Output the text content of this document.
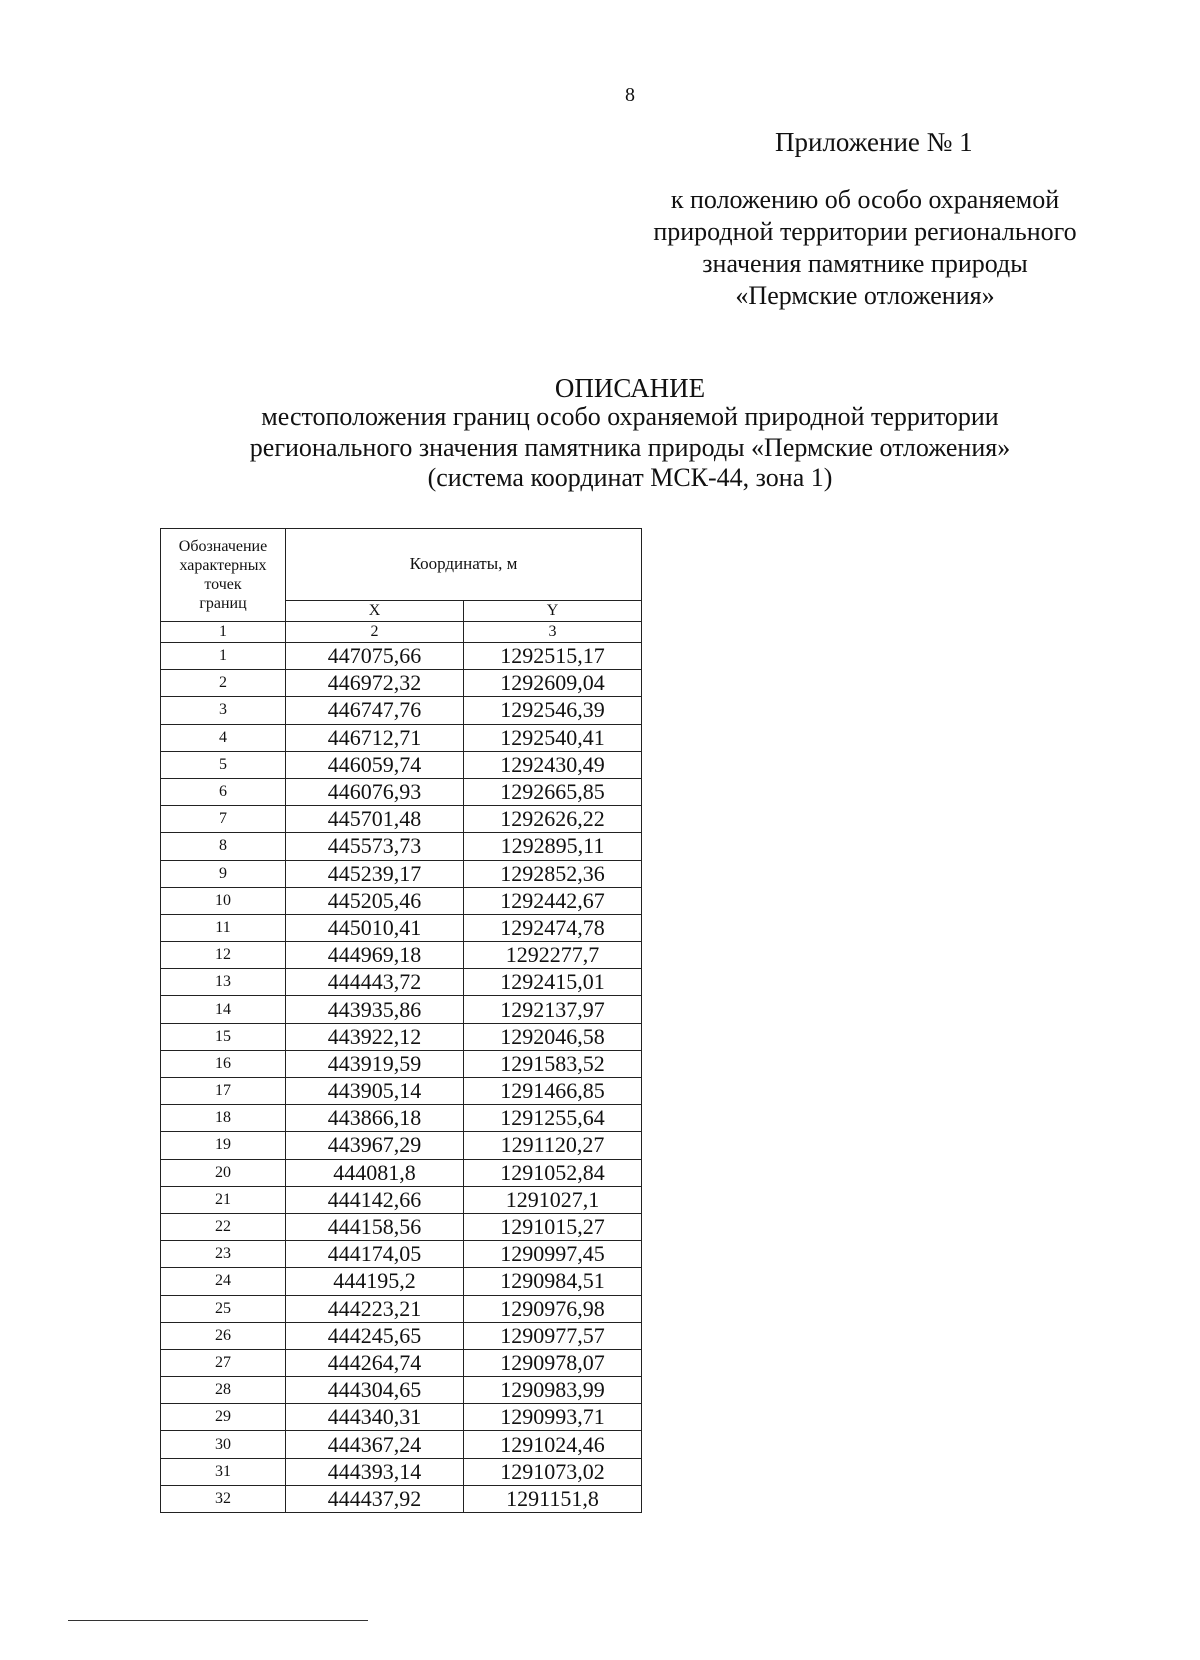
8
Приложение № 1
к положению об особо охраняемой
природной территории регионального
значения памятнике природы
«Пермские отложения»
ОПИСАНИЕ
местоположения границ особо охраняемой природной территории
регионального значения памятника природы «Пермские отложения»
(система координат МСК-44, зона 1)
Обозначение
характерных
точек
границ	Координаты, м	
	X	Y
1	2	3
1	447075,66	1292515,17
2	446972,32	1292609,04
3	446747,76	1292546,39
4	446712,71	1292540,41
5	446059,74	1292430,49
6	446076,93	1292665,85
7	445701,48	1292626,22
8	445573,73	1292895,11
9	445239,17	1292852,36
10	445205,46	1292442,67
11	445010,41	1292474,78
12	444969,18	1292277,7
13	444443,72	1292415,01
14	443935,86	1292137,97
15	443922,12	1292046,58
16	443919,59	1291583,52
17	443905,14	1291466,85
18	443866,18	1291255,64
19	443967,29	1291120,27
20	444081,8	1291052,84
21	444142,66	1291027,1
22	444158,56	1291015,27
23	444174,05	1290997,45
24	444195,2	1290984,51
25	444223,21	1290976,98
26	444245,65	1290977,57
27	444264,74	1290978,07
28	444304,65	1290983,99
29	444340,31	1290993,71
30	444367,24	1291024,46
31	444393,14	1291073,02
32	444437,92	1291151,8
